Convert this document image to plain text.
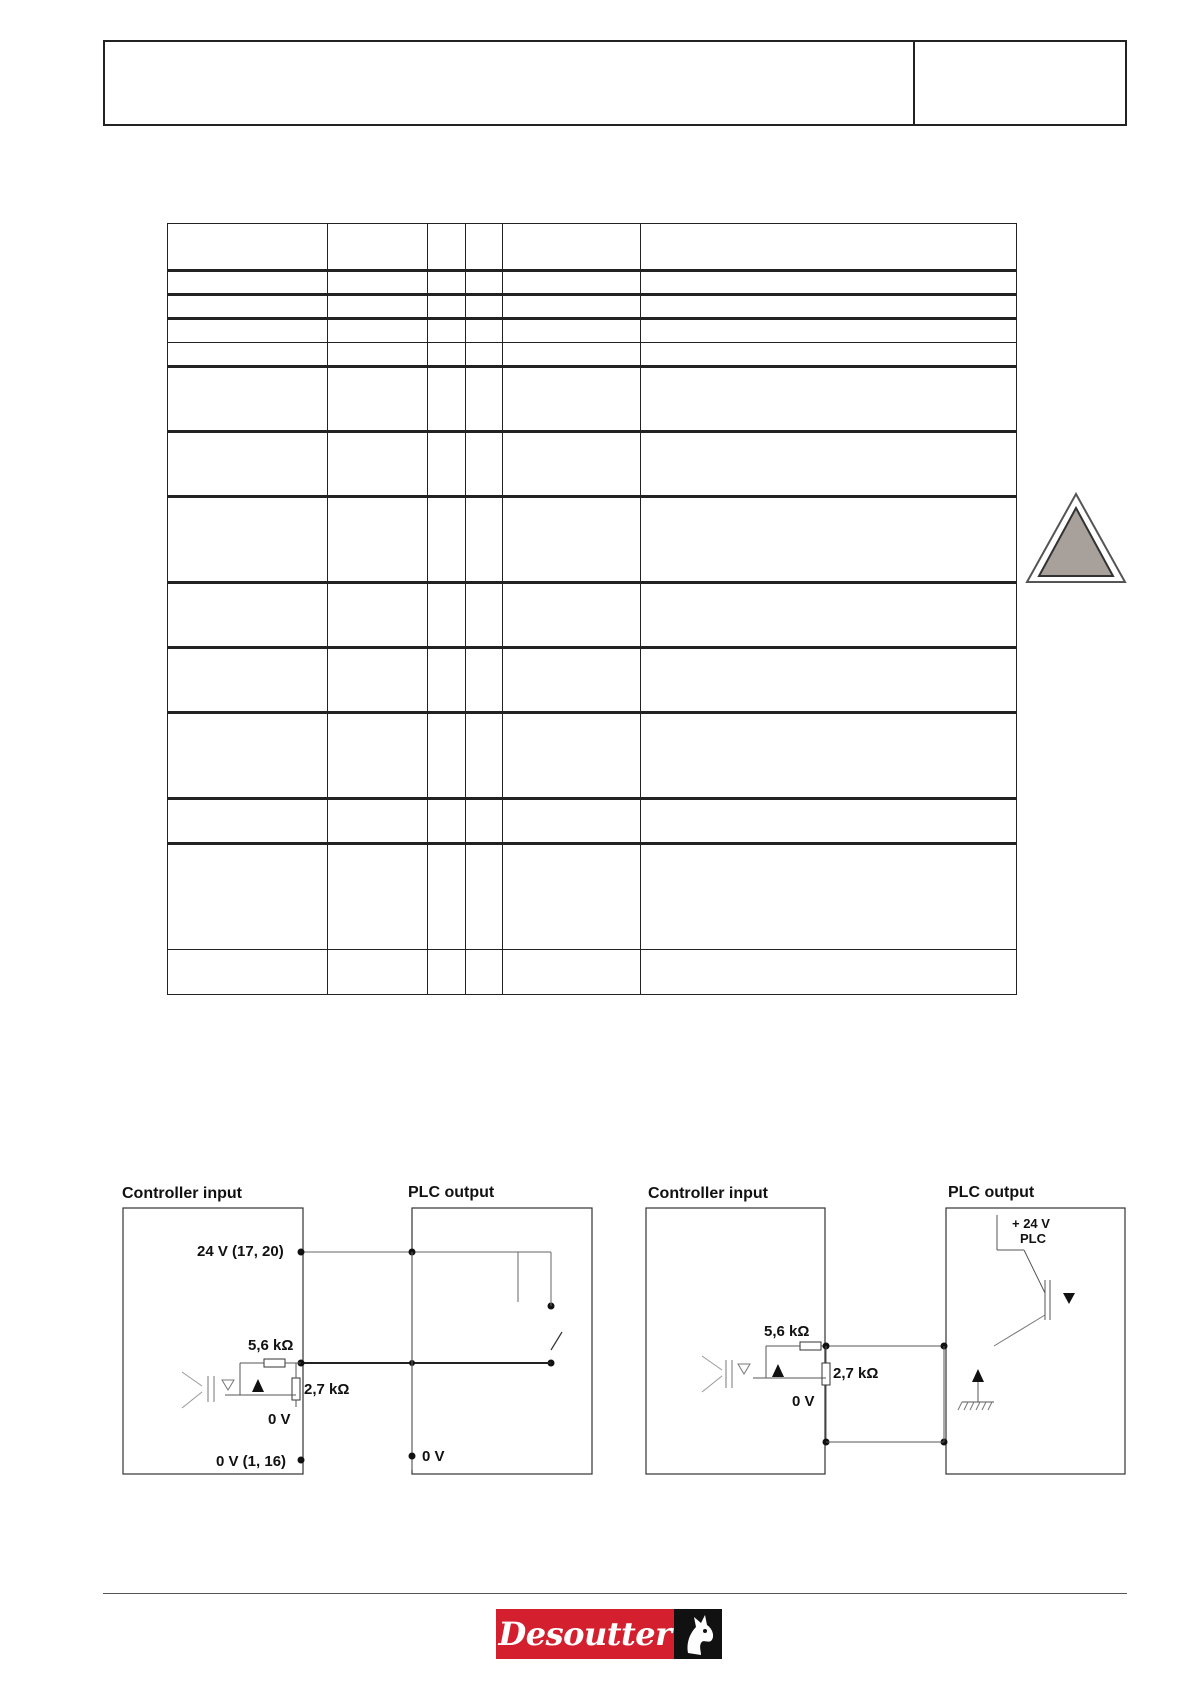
Controller input	PLC output
24 V (17, 20)
5,6 kΩ
2,7 kΩ
0 V
0 V (1, 16)	0 V
Controller input	PLC output
+ 24 V
PLC
5,6 kΩ
2,7 kΩ
0 V
Desoutter
